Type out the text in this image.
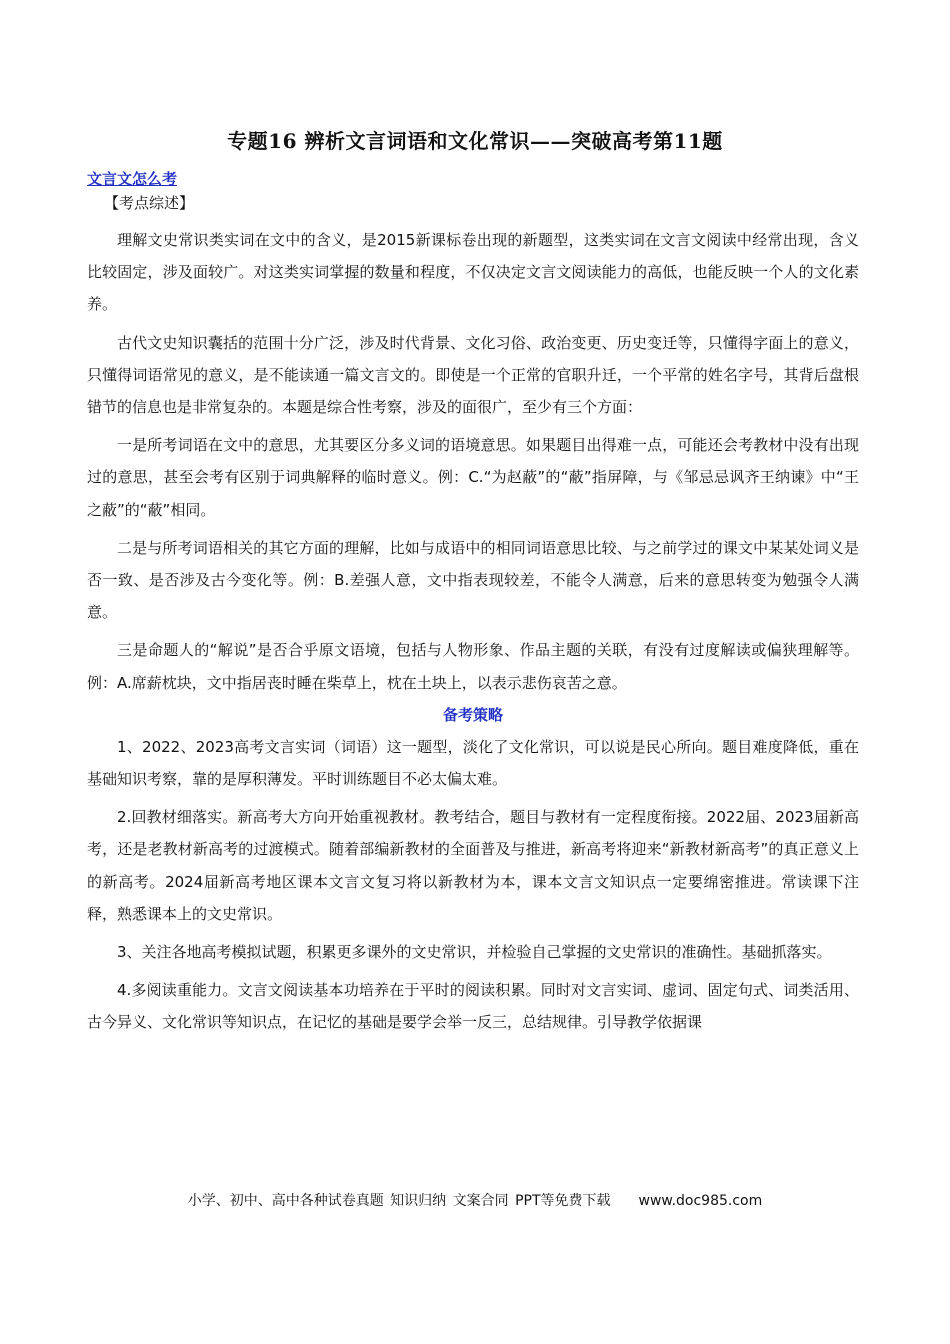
专题16 辨析文言词语和文化常识——突破高考第11题
文言文怎么考
【考点综述】

理解文史常识类实词在文中的含义，是2015新课标卷出现的新题型，这类实词在文言文阅读中经常出现，含义比较固定，涉及面较广。对这类实词掌握的数量和程度，不仅决定文言文阅读能力的高低，也能反映一个人的文化素养。

古代文史知识囊括的范围十分广泛，涉及时代背景、文化习俗、政治变更、历史变迁等，只懂得字面上的意义，只懂得词语常见的意义，是不能读通一篇文言文的。即使是一个正常的官职升迁，一个平常的姓名字号，其背后盘根错节的信息也是非常复杂的。本题是综合性考察，涉及的面很广，至少有三个方面：

一是所考词语在文中的意思，尤其要区分多义词的语境意思。如果题目出得难一点，可能还会考教材中没有出现过的意思，甚至会考有区别于词典解释的临时意义。例：C.“为赵蔽”的“蔽”指屏障，与《邹忌忌讽齐王纳谏》中“王之蔽”的“蔽”相同。

二是与所考词语相关的其它方面的理解，比如与成语中的相同词语意思比较、与之前学过的课文中某某处词义是否一致、是否涉及古今变化等。例：B.差强人意，文中指表现较差，不能令人满意，后来的意思转变为勉强令人满意。

三是命题人的“解说”是否合乎原文语境，包括与人物形象、作品主题的关联，有没有过度解读或偏狭理解等。例：A.席薪枕块，文中指居丧时睡在柴草上，枕在土块上，以表示悲伤哀苦之意。

备考策略

1、2022、2023高考文言实词（词语）这一题型，淡化了文化常识，可以说是民心所向。题目难度降低，重在基础知识考察，靠的是厚积薄发。平时训练题目不必太偏太难。

2.回教材细落实。新高考大方向开始重视教材。教考结合，题目与教材有一定程度衔接。2022届、2023届新高考，还是老教材新高考的过渡模式。随着部编新教材的全面普及与推进，新高考将迎来“新教材新高考”的真正意义上的新高考。2024届新高考地区课本文言文复习将以新教材为本，课本文言文知识点一定要绵密推进。常读课下注释，熟悉课本上的文史常识。

3、关注各地高考模拟试题，积累更多课外的文史常识，并检验自己掌握的文史常识的准确性。基础抓落实。

4.多阅读重能力。文言文阅读基本功培养在于平时的阅读积累。同时对文言实词、虚词、固定句式、词类活用、古今异义、文化常识等知识点，在记忆的基础是要学会举一反三，总结规律。引导教学依据课

小学、初中、高中各种试卷真题 知识归纳 文案合同 PPT等免费下载 www.doc985.com
